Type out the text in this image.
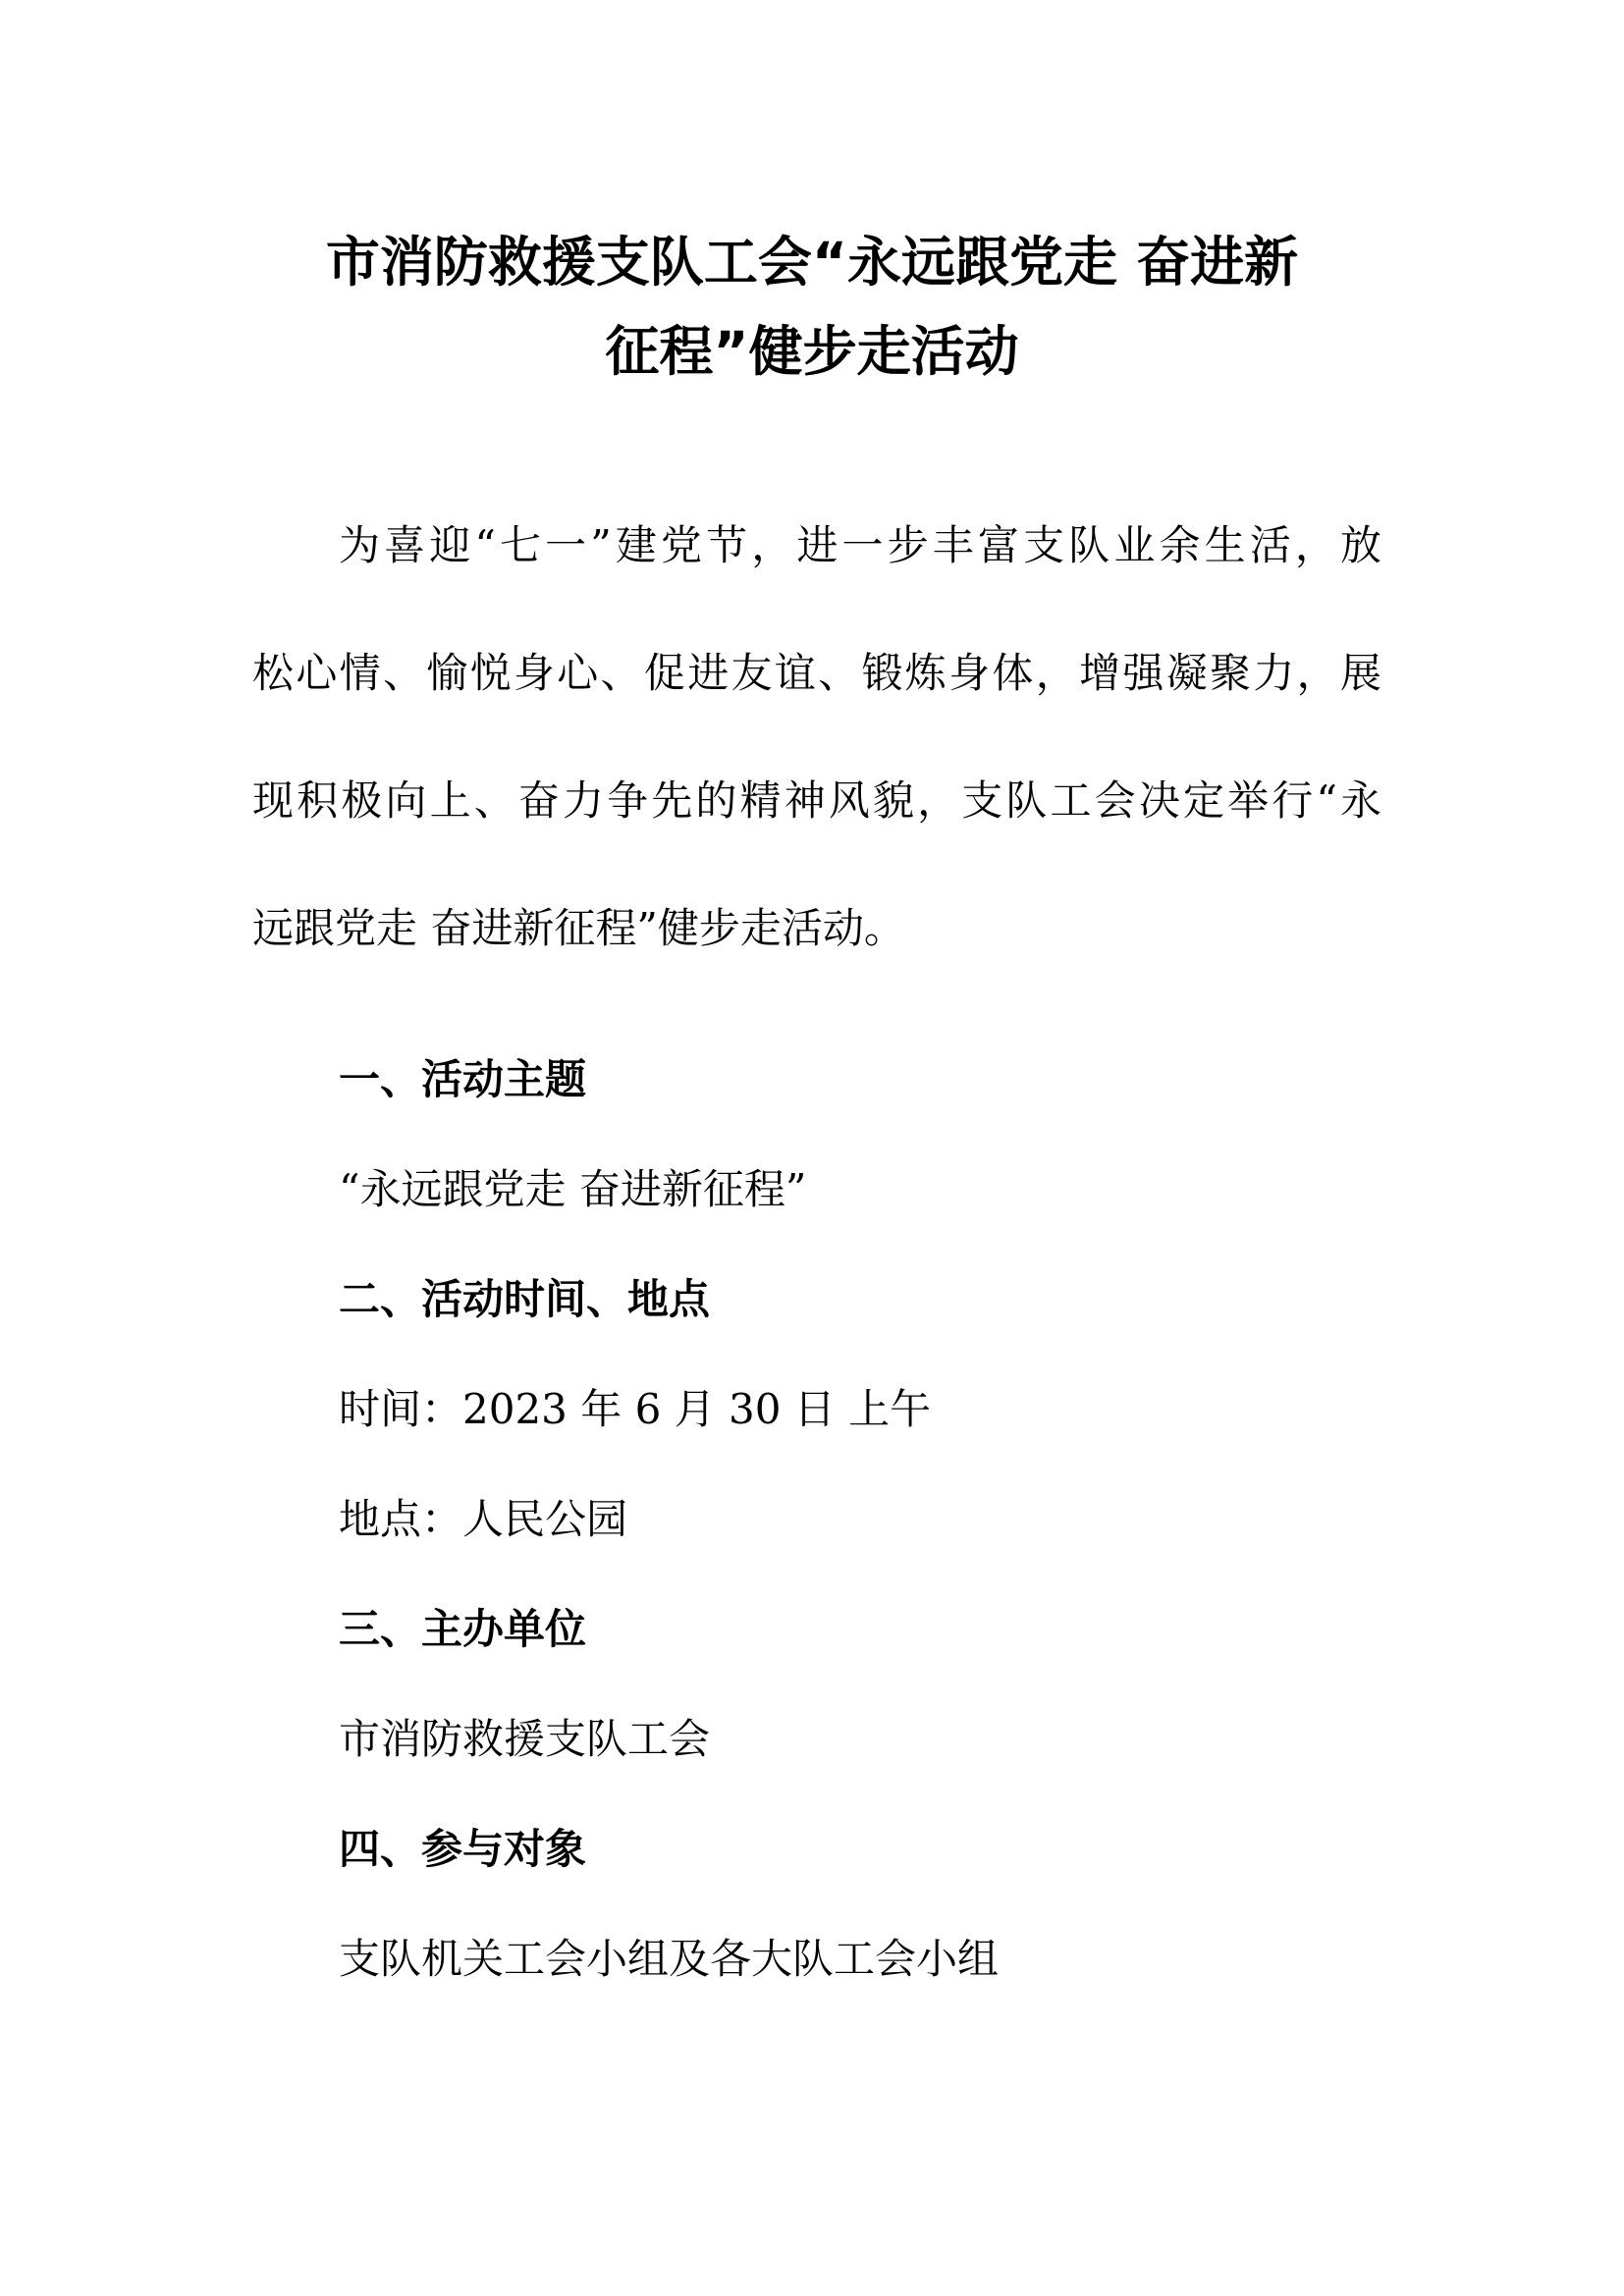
市消防救援支队工会“永远跟党走 奋进新
征程”健步走活动

为喜迎“七一”建党节，进一步丰富支队业余生活，放

松心情、愉悦身心、促进友谊、锻炼身体，增强凝聚力，展

现积极向上、奋力争先的精神风貌，支队工会决定举行“永

远跟党走 奋进新征程”健步走活动。

一、活动主题

“永远跟党走 奋进新征程”

二、活动时间、地点

时间：2023 年 6 月 30 日 上午

地点：人民公园

三、主办单位

市消防救援支队工会

四、参与对象

支队机关工会小组及各大队工会小组
